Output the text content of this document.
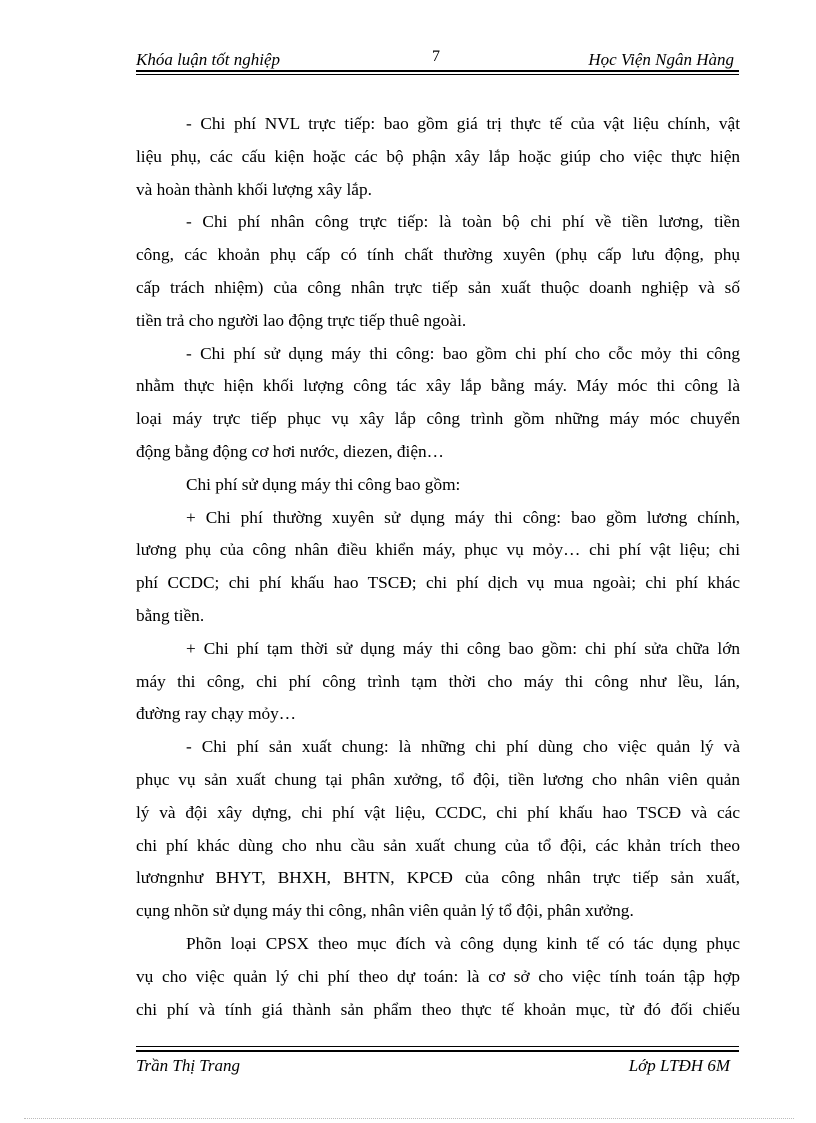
Khóa luận tốt nghiệp	7	Học Viện Ngân Hàng
- Chi phí NVL trực tiếp: bao gồm giá trị thực tế của vật liệu chính, vật
liệu phụ, các cấu kiện hoặc các bộ phận xây lắp hoặc giúp cho việc thực hiện
và hoàn thành khối lượng xây lắp.
- Chi phí nhân công trực tiếp: là toàn bộ chi phí về tiền lương, tiền
công, các khoản phụ cấp có tính chất thường xuyên (phụ cấp lưu động, phụ
cấp trách nhiệm) của công nhân trực tiếp sản xuất thuộc doanh nghiệp và số
tiền trả cho người lao động trực tiếp thuê ngoài.
- Chi phí sử dụng máy thi công: bao gồm chi phí cho cỗc mỏy thi công
nhằm thực hiện khối lượng công tác xây lắp bằng máy. Máy móc thi công là
loại máy trực tiếp phục vụ xây lắp công trình gồm những máy móc chuyển
động bằng động cơ hơi nước, diezen, điện…
Chi phí sử dụng máy thi công bao gồm:
+ Chi phí thường xuyên sử dụng máy thi công: bao gồm lương chính,
lương phụ của công nhân điều khiển máy, phục vụ mỏy… chi phí vật liệu; chi
phí CCDC; chi phí khấu hao TSCĐ; chi phí dịch vụ mua ngoài; chi phí khác
bằng tiền.
+ Chi phí tạm thời sử dụng máy thi công bao gồm: chi phí sửa chữa lớn
máy thi công, chi phí công trình tạm thời cho máy thi công như lều, lán,
đường ray chạy mỏy…
- Chi phí sản xuất chung: là những chi phí dùng cho việc quản lý và
phục vụ sản xuất chung tại phân xưởng, tổ đội, tiền lương cho nhân viên quản
lý và đội xây dựng, chi phí vật liệu, CCDC, chi phí khấu hao TSCĐ và các
chi phí khác dùng cho nhu cầu sản xuất chung của tổ đội, các khản trích theo
lươngnhư BHYT, BHXH, BHTN, KPCĐ của công nhân trực tiếp sản xuất,
cụng nhõn sử dụng máy thi công, nhân viên quản lý tổ đội, phân xưởng.
Phõn loại CPSX theo mục đích và công dụng kinh tế có tác dụng phục
vụ cho việc quản lý chi phí theo dự toán: là cơ sở cho việc tính toán tập hợp
chi phí và tính giá thành sản phẩm theo thực tế khoản mục, từ đó đối chiếu
Trần Thị Trang	Lớp LTĐH 6M
